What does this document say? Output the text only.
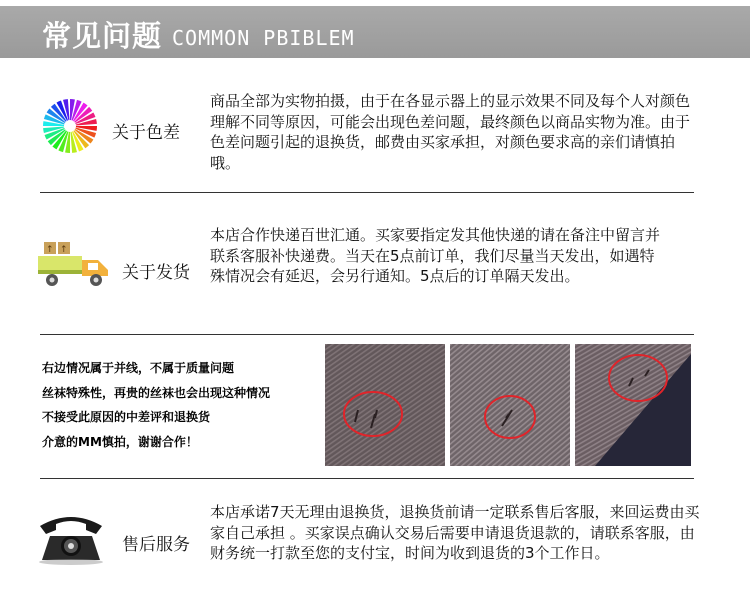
常见问题 COMMON PBIBLEM
关于色差
商品全部为实物拍摄，由于在各显示器上的显示效果不同及每个人对颜色理解不同等原因，可能会出现色差问题，最终颜色以商品实物为准。由于色差问题引起的退换货，邮费由买家承担，对颜色要求高的亲们请慎拍哦。
↑ ↑
关于发货
本店合作快递百世汇通。买家要指定发其他快递的请在备注中留言并联系客服补快递费。当天在5点前订单，我们尽量当天发出，如遇特殊情况会有延迟，会另行通知。5点后的订单隔天发出。
右边情况属于并线，不属于质量问题
丝袜特殊性，再贵的丝袜也会出现这种情况
不接受此原因的中差评和退换货
介意的MM慎拍，谢谢合作！
售后服务
本店承诺7天无理由退换货，退换货前请一定联系售后客服，来回运费由买家自己承担 。买家误点确认交易后需要申请退货退款的，请联系客服，由财务统一打款至您的支付宝，时间为收到退货的3个工作日。
